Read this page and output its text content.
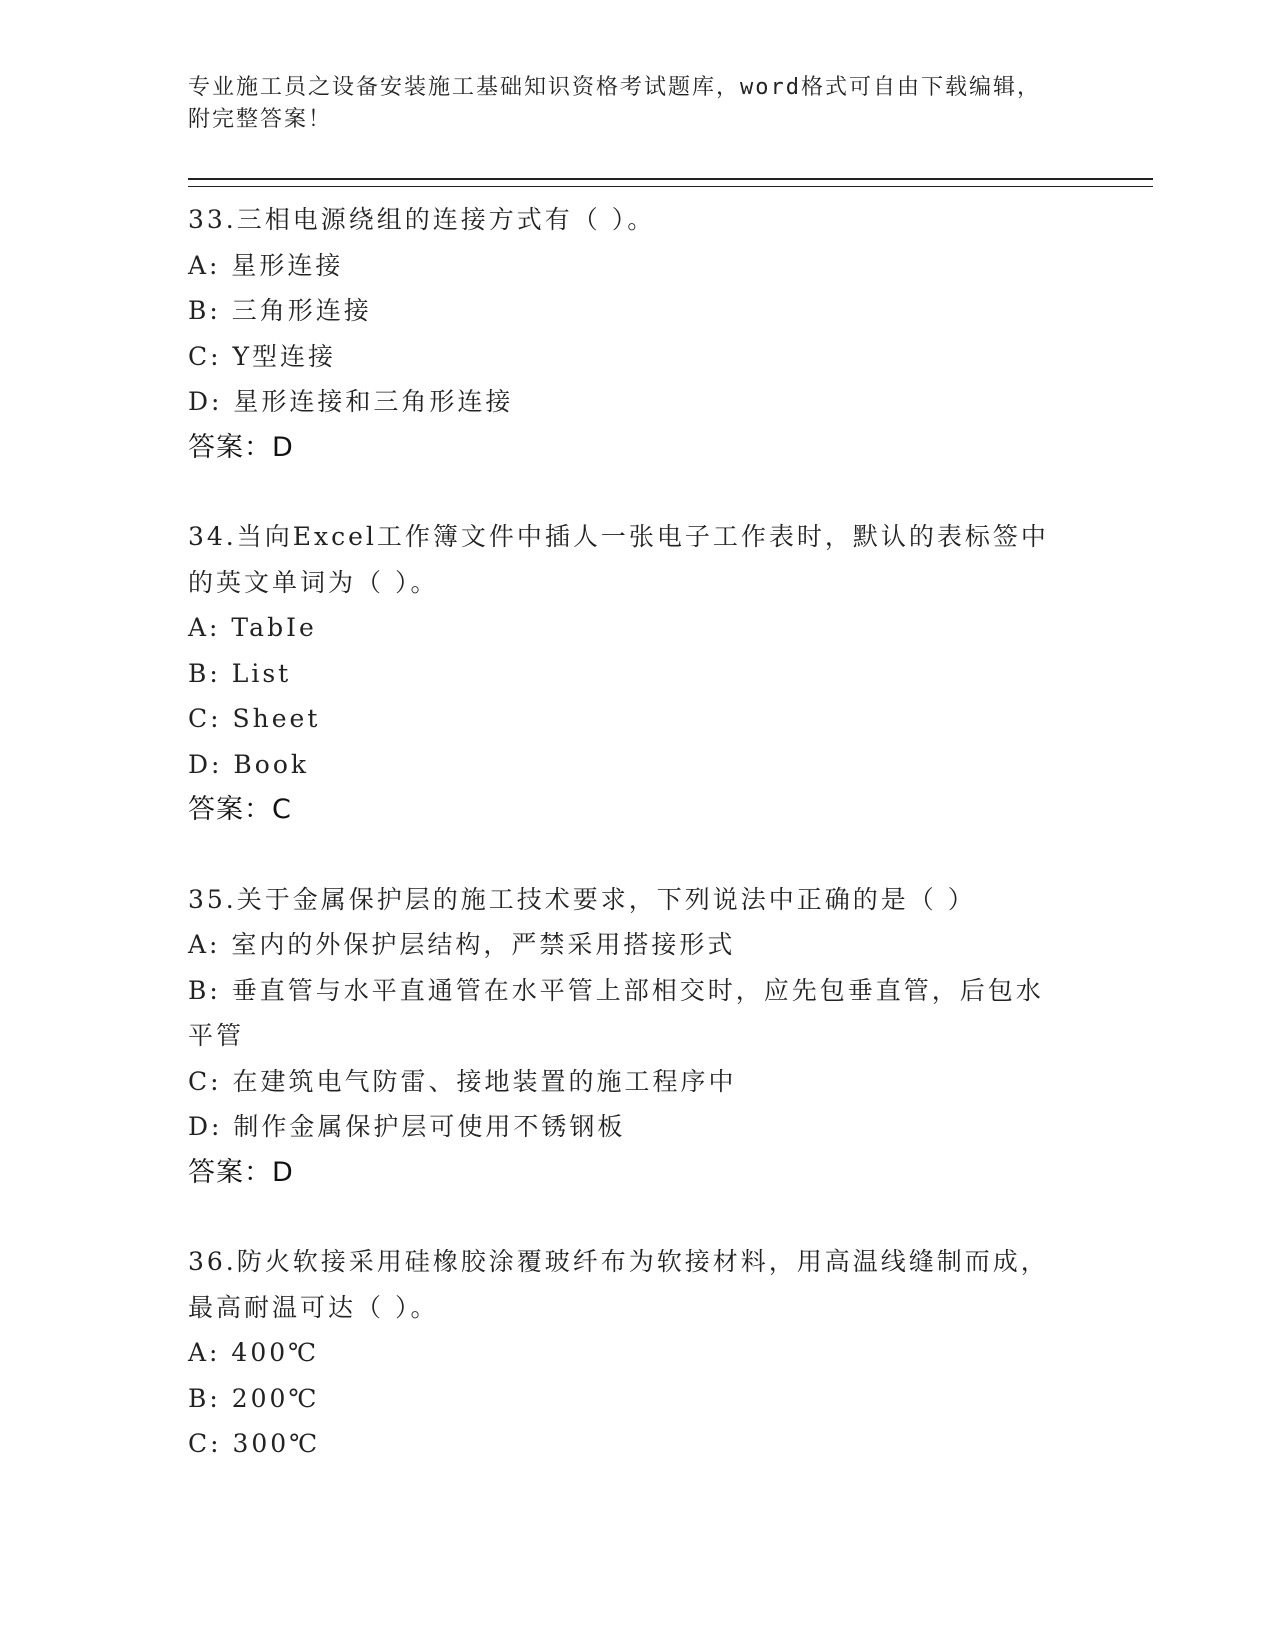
专业施工员之设备安装施工基础知识资格考试题库，word格式可自由下载编辑，
附完整答案！

33.三相电源绕组的连接方式有（ ）。

A: 星形连接

B: 三角形连接

C: Y型连接

D: 星形连接和三角形连接

答案：D

34.当向Excel工作簿文件中插人一张电子工作表时，默认的表标签中的英文单词为（ ）。

A: TabIe

B: List

C: Sheet

D: Book

答案：C

35.关于金属保护层的施工技术要求，下列说法中正确的是（ ）

A: 室内的外保护层结构，严禁采用搭接形式

B: 垂直管与水平直通管在水平管上部相交时，应先包垂直管，后包水平管

C: 在建筑电气防雷、接地装置的施工程序中

D: 制作金属保护层可使用不锈钢板

答案：D

36.防火软接采用硅橡胶涂覆玻纤布为软接材料，用高温线缝制而成，最高耐温可达（ ）。

A: 400℃

B: 200℃

C: 300℃
